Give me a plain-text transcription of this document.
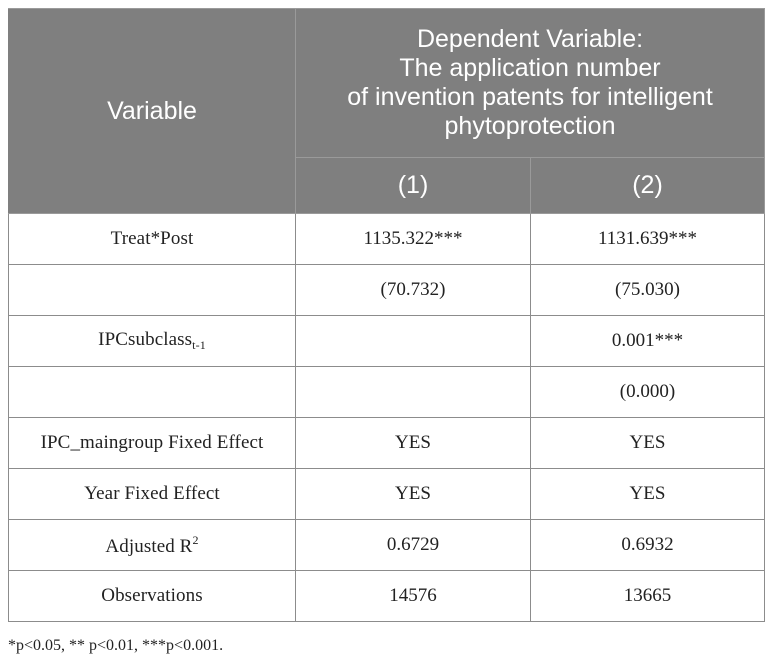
Variable	Dependent Variable:
The application number
of invention patents for intelligent
phytoprotection	

	(1)	(2)
Treat*Post	1135.322***	1131.639***
	(70.732)	(75.030)
IPCsubclass$_{t-1}$		0.001***
		(0.000)
IPC_maingroup Fixed Effect	YES	YES
Year Fixed Effect	YES	YES
Adjusted $R^2$	0.6729	0.6932
Observations	14576	13665
*p<0.05, ** p<0.01, ***p<0.001.
